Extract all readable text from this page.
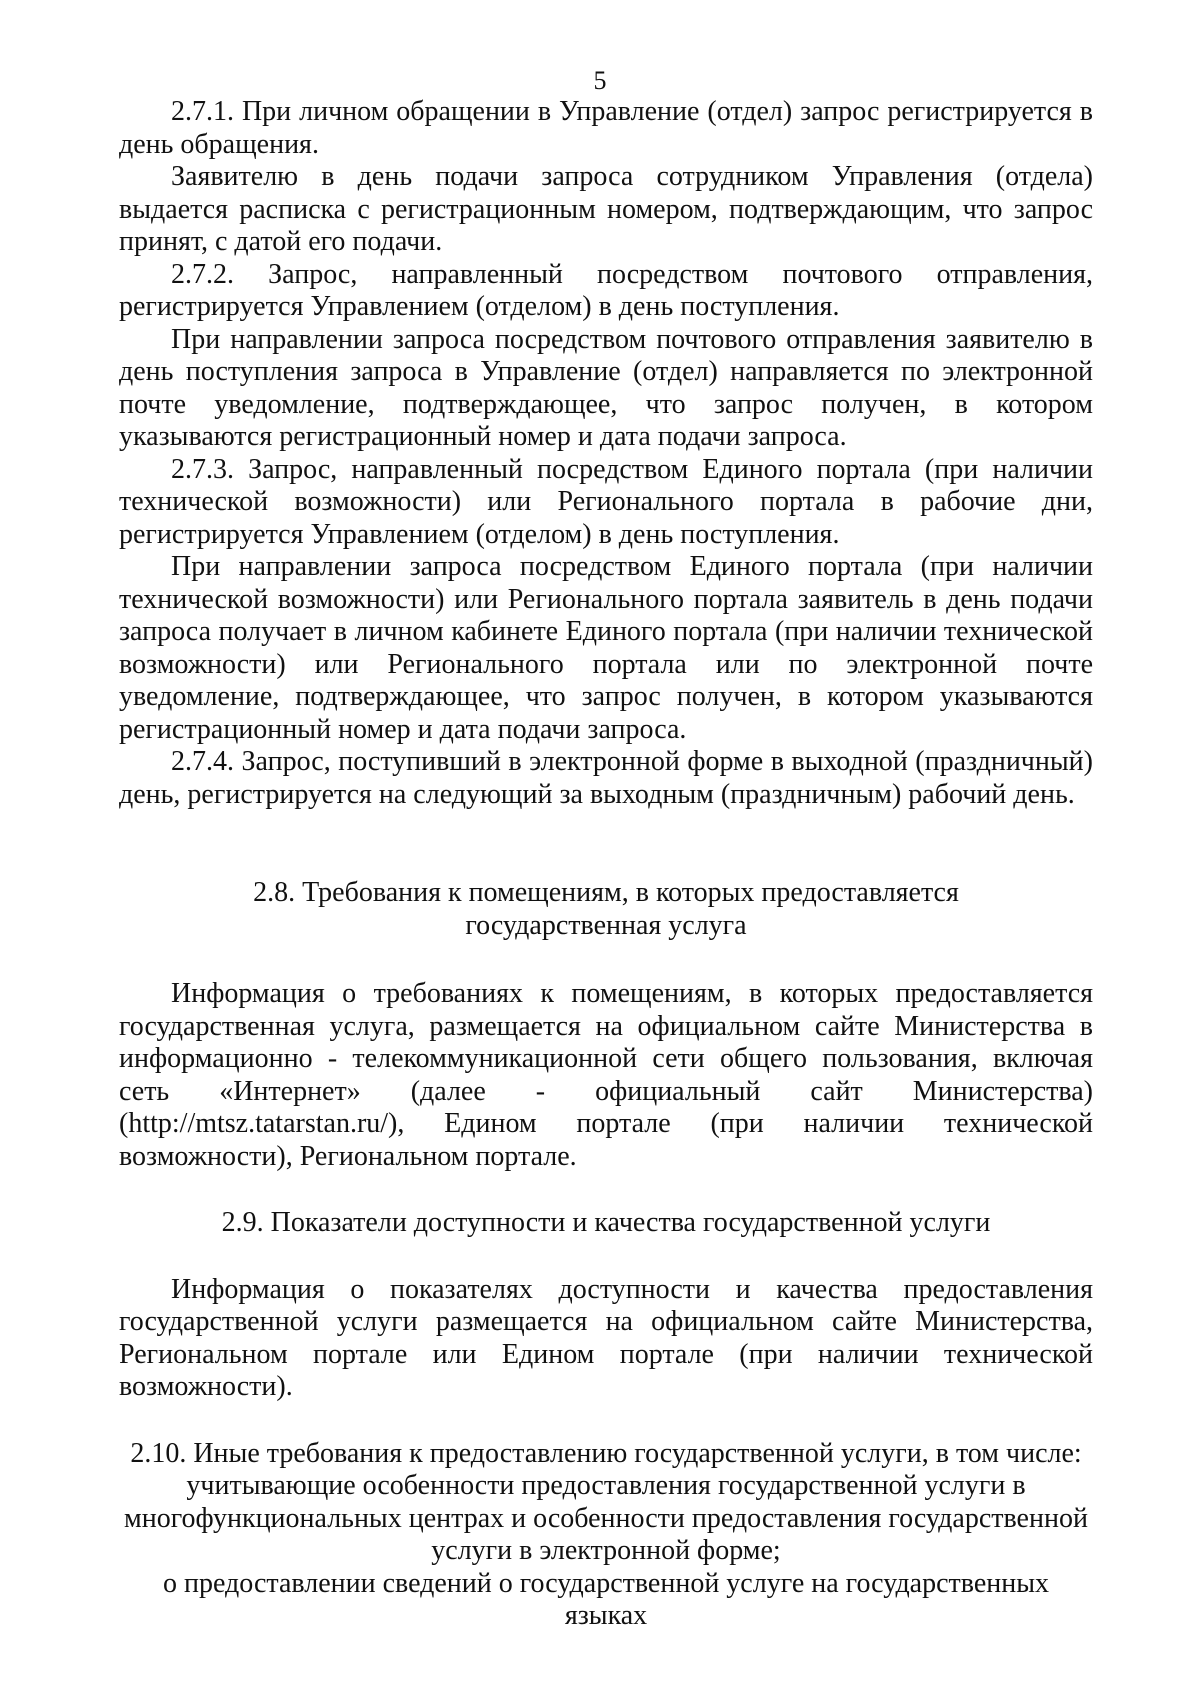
5

2.7.1. При личном обращении в Управление (отдел) запрос регистрируется в день обращения.

Заявителю в день подачи запроса сотрудником Управления (отдела) выдается расписка с регистрационным номером, подтверждающим, что запрос принят, с датой его подачи.

2.7.2. Запрос, направленный посредством почтового отправления, регистрируется Управлением (отделом) в день поступления.

При направлении запроса посредством почтового отправления заявителю в день поступления запроса в Управление (отдел) направляется по электронной почте уведомление, подтверждающее, что запрос получен, в котором указываются регистрационный номер и дата подачи запроса.

2.7.3. Запрос, направленный посредством Единого портала (при наличии технической возможности) или Регионального портала в рабочие дни, регистрируется Управлением (отделом) в день поступления.

При направлении запроса посредством Единого портала (при наличии технической возможности) или Регионального портала заявитель в день подачи запроса получает в личном кабинете Единого портала (при наличии технической возможности) или Регионального портала или по электронной почте уведомление, подтверждающее, что запрос получен, в котором указываются регистрационный номер и дата подачи запроса.

2.7.4. Запрос, поступивший в электронной форме в выходной (праздничный) день, регистрируется на следующий за выходным (праздничным) рабочий день.

2.8. Требования к помещениям, в которых предоставляется
государственная услуга

Информация о требованиях к помещениям, в которых предоставляется государственная услуга, размещается на официальном сайте Министерства в информационно - телекоммуникационной сети общего пользования, включая сеть «Интернет» (далее - официальный сайт Министерства) (http://mtsz.tatarstan.ru/), Едином портале (при наличии технической возможности), Региональном портале.

2.9. Показатели доступности и качества государственной услуги

Информация о показателях доступности и качества предоставления государственной услуги размещается на официальном сайте Министерства, Региональном портале или Едином портале (при наличии технической возможности).

2.10. Иные требования к предоставлению государственной услуги, в том числе:
учитывающие особенности предоставления государственной услуги в
многофункциональных центрах и особенности предоставления государственной
услуги в электронной форме;
о предоставлении сведений о государственной услуге на государственных языках
